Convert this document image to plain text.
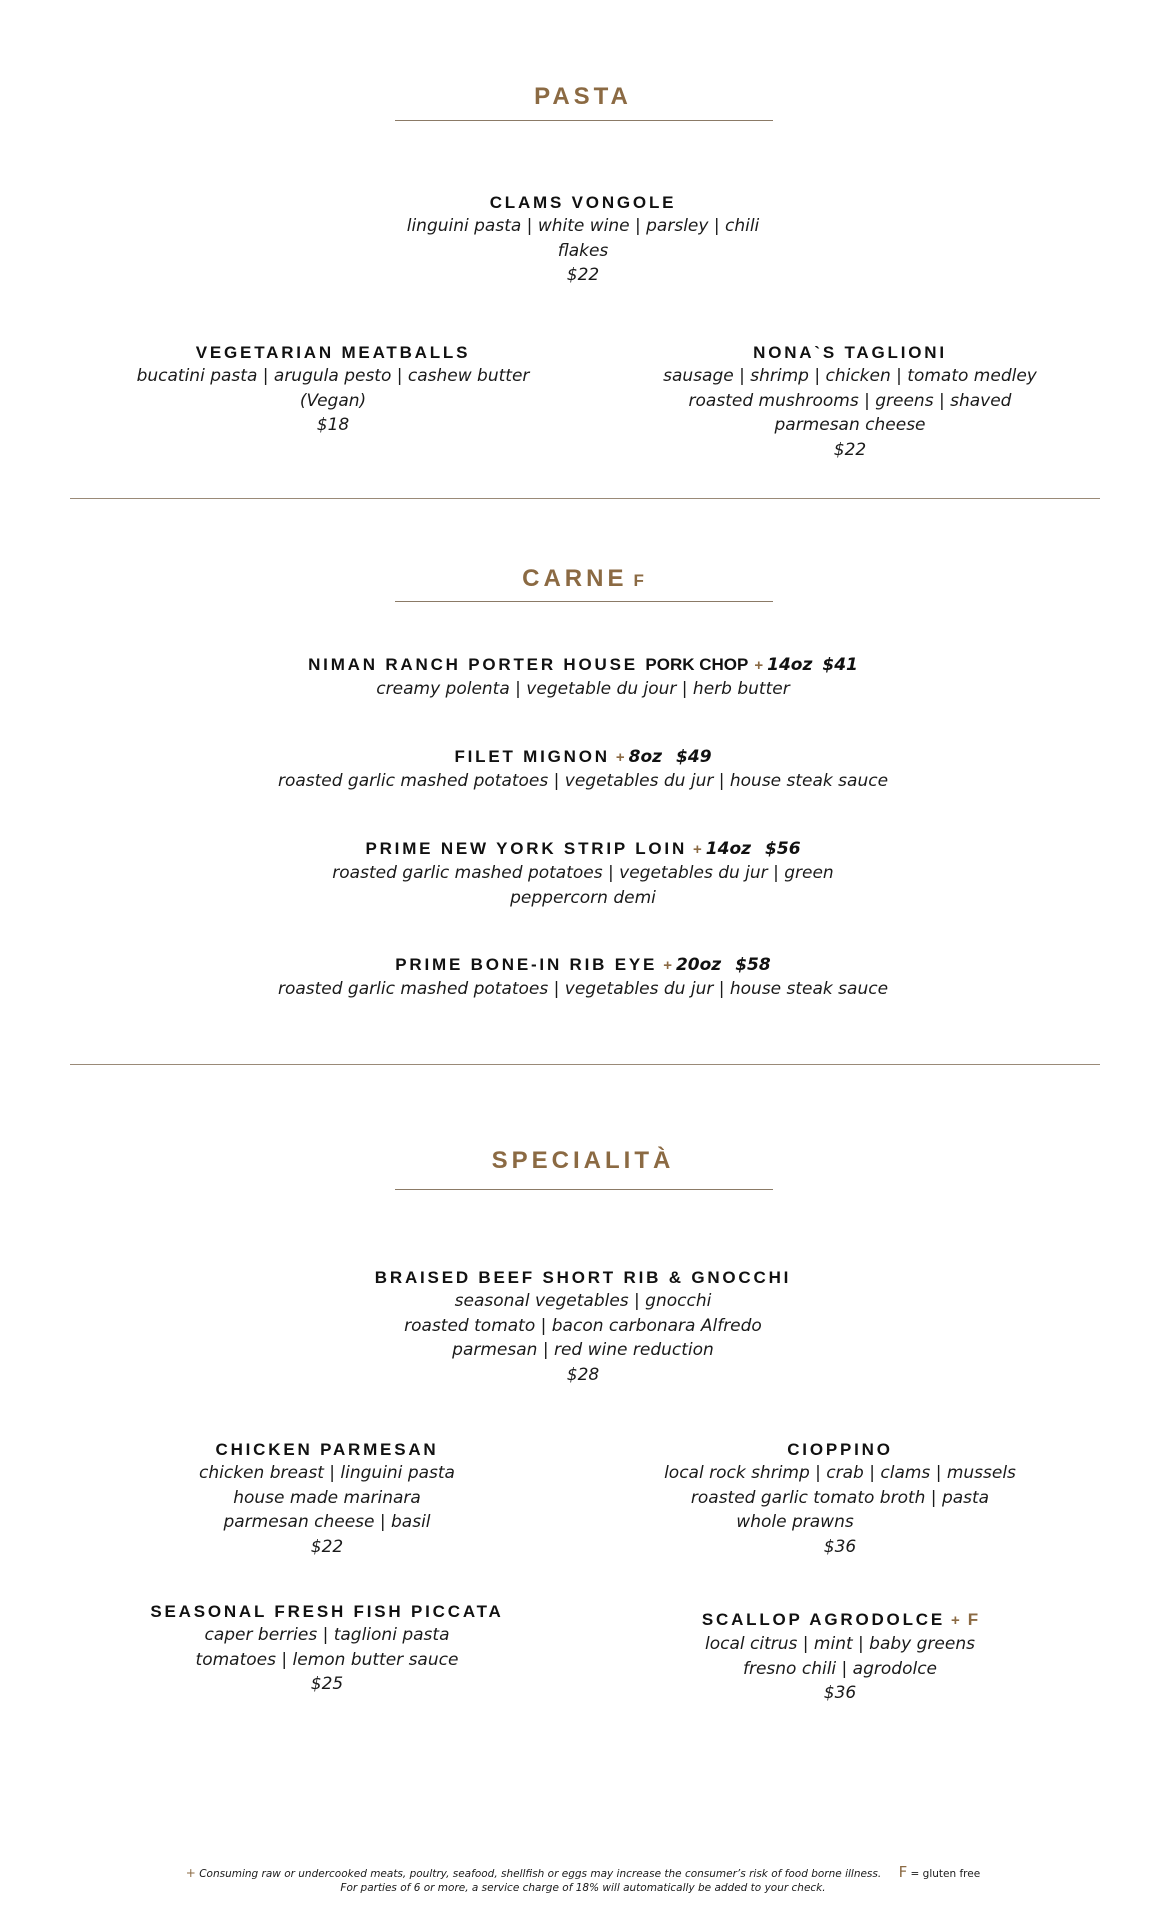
PASTA
CLAMS VONGOLE
linguini pasta | white wine | parsley | chili
flakes
$22
VEGETARIAN MEATBALLS
bucatini pasta | arugula pesto | cashew butter
(Vegan)
$18
NONA`S TAGLIONI
sausage | shrimp | chicken | tomato medley
roasted mushrooms | greens | shaved
parmesan cheese
$22
CARNE F
NIMAN RANCH PORTER HOUSE PORK CHOP + 14oz $41
creamy polenta | vegetable du jour | herb butter
FILET MIGNON + 8oz $49
roasted garlic mashed potatoes | vegetables du jur | house steak sauce
PRIME NEW YORK STRIP LOIN + 14oz $56
roasted garlic mashed potatoes | vegetables du jur | green
peppercorn demi
PRIME BONE-IN RIB EYE + 20oz $58
roasted garlic mashed potatoes | vegetables du jur | house steak sauce
SPECIALITÀ
BRAISED BEEF SHORT RIB & GNOCCHI
seasonal vegetables | gnocchi
roasted tomato | bacon carbonara Alfredo
parmesan | red wine reduction
$28
CHICKEN PARMESAN
chicken breast | linguini pasta
house made marinara
parmesan cheese | basil
$22
CIOPPINO
local rock shrimp | crab | clams | mussels
roasted garlic tomato broth | pasta
whole prawns
$36
SEASONAL FRESH FISH PICCATA
caper berries | taglioni pasta
tomatoes | lemon butter sauce
$25
SCALLOP AGRODOLCE + F
local citrus | mint | baby greens
fresno chili | agrodolce
$36
+ Consuming raw or undercooked meats, poultry, seafood, shellfish or eggs may increase the consumer’s risk of food borne illness. F = gluten free
For parties of 6 or more, a service charge of 18% will automatically be added to your check.
